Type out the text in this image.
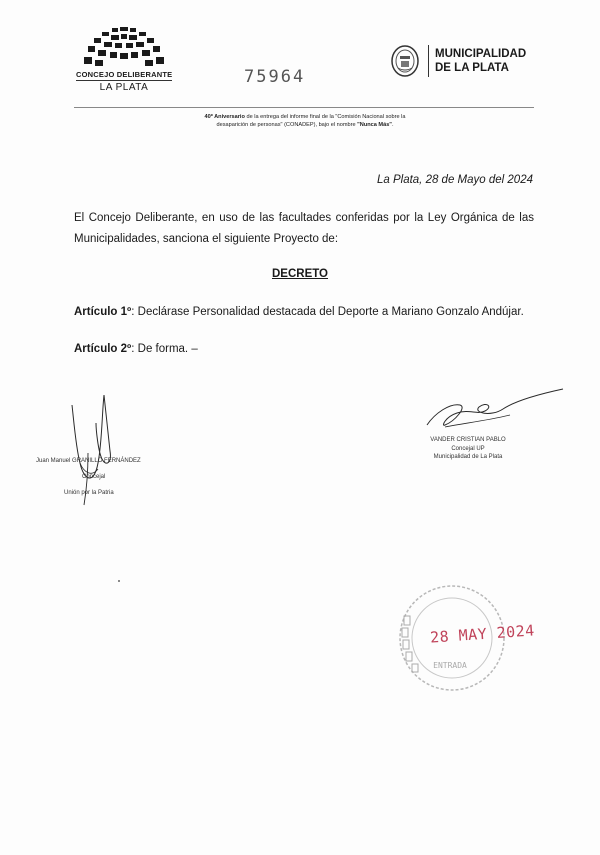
CONCEJO DELIBERANTE
LA PLATA
75964
MUNICIPALIDAD
DE LA PLATA
40º Aniversario de la entrega del informe final de la "Comisión Nacional sobre la
desaparición de personas" (CONADEP), bajo el nombre "Nunca Más".
La Plata, 28 de Mayo del 2024
El Concejo Deliberante, en uso de las facultades conferidas por la Ley Orgánica de las Municipalidades, sanciona el siguiente Proyecto de:
DECRETO
Artículo 1º: Declárase Personalidad destacada del Deporte a Mariano Gonzalo Andújar.
Artículo 2º: De forma. –
VANDER CRISTIAN PABLO
Concejal UP
Municipalidad de La Plata
Juan Manuel GRANILLO FERNÁNDEZ
Concejal
Unión por la Patria
ENTRADA
28 MAY 2024
